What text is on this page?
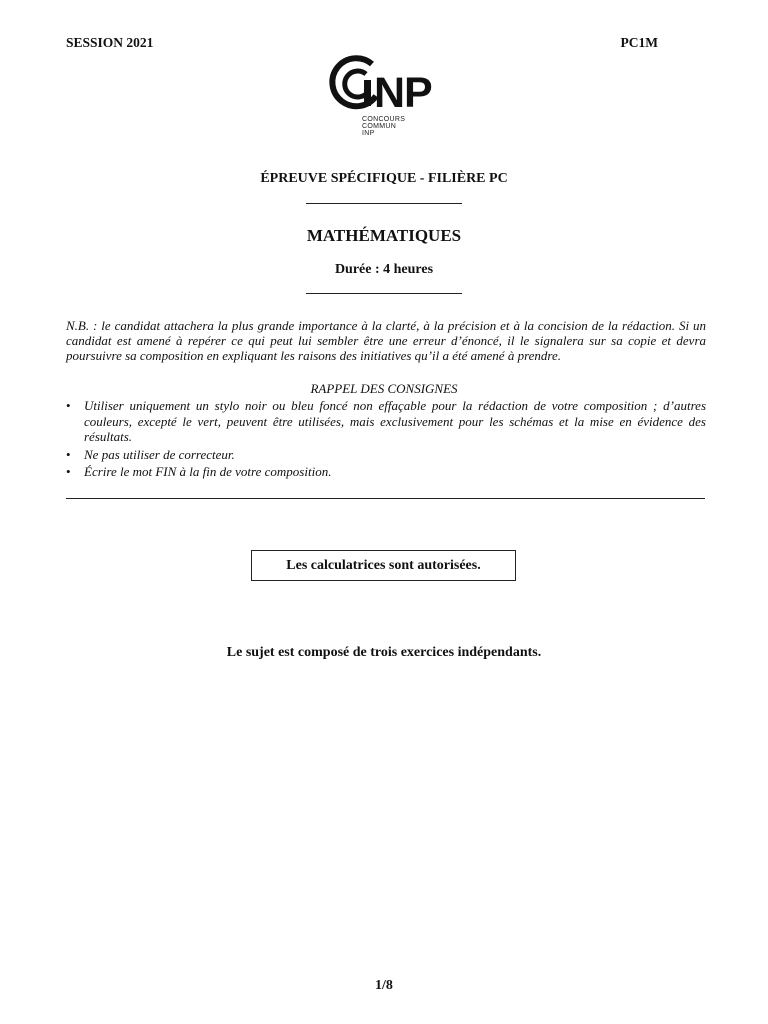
SESSION 2021	PC1M
NP
CONCOURS
COMMUN
INP
ÉPREUVE SPÉCIFIQUE - FILIÈRE PC
MATHÉMATIQUES
Durée : 4 heures
N.B. : le candidat attachera la plus grande importance à la clarté, à la précision et à la concision de la rédaction. Si un candidat est amené à repérer ce qui peut lui sembler être une erreur d’énoncé, il le signalera sur sa copie et devra poursuivre sa composition en expliquant les raisons des initiatives qu’il a été amené à prendre.
RAPPEL DES CONSIGNES
• Utiliser uniquement un stylo noir ou bleu foncé non effaçable pour la rédaction de votre composition ; d’autres couleurs, excepté le vert, peuvent être utilisées, mais exclusivement pour les schémas et la mise en évidence des résultats.
• Ne pas utiliser de correcteur.
• Écrire le mot FIN à la fin de votre composition.
Les calculatrices sont autorisées.
Le sujet est composé de trois exercices indépendants.
1/8
